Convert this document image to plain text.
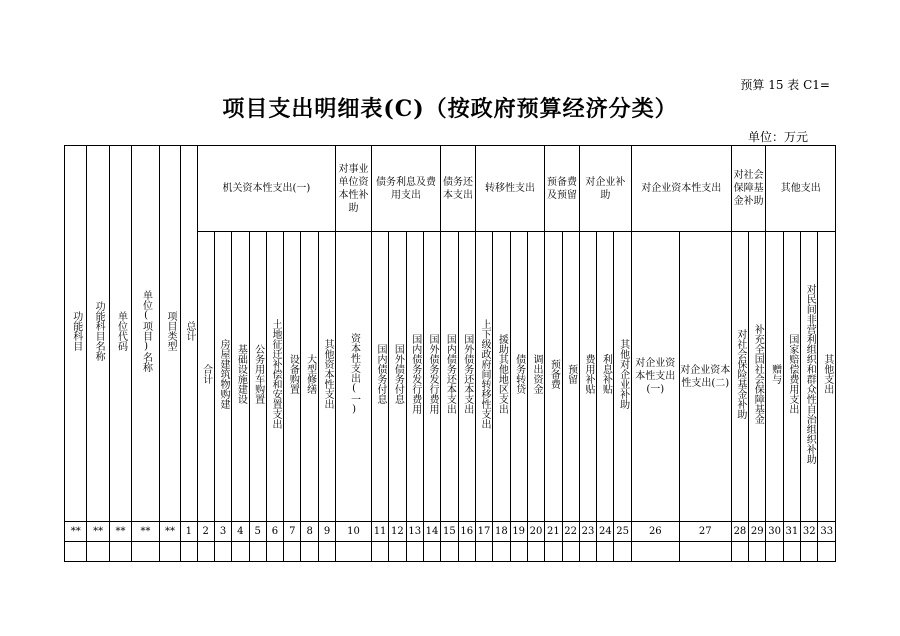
预算 15 表 C1=
项目支出明细表(C)（按政府预算经济分类）
单位：万元
功能科目	功能科目名称	单位代码	单位(项目)名称	项目类型	总计	机关资本性支出(一)								对事业单位资本性补助	债务利息及费用支出				债务还本支出		转移性支出				预备费及预留		对企业补助			对企业资本性支出		对社会保障基金补助		其他支出			
						合计	房屋建筑物购建	基础设施建设	公务用车购置	土地征迁补偿和安置支出	设备购置	大型修缮	其他资本性支出	资本性支出(一)	国内债务付息	国外债务付息	国内债务发行费用	国外债务发行费用	国内债务还本支出	国外债务还本支出	上下级政府间转移性支出	援助其他地区支出	债务转贷	调出资金	预备费	预留	费用补贴	利息补贴	其他对企业补助	对企业资本性支出(一)	对企业资本性支出(二)	对社会保险基金补助	补充全国社会保障基金	赠与	国家赔偿费用支出	对民间非营利组织和群众性自治组织补助	其他支出
**	**	**	**	**	1	2	3	4	5	6	7	8	9	10	11	12	13	14	15	16	17	18	19	20	21	22	23	24	25	26	27	28	29	30	31	32	33
